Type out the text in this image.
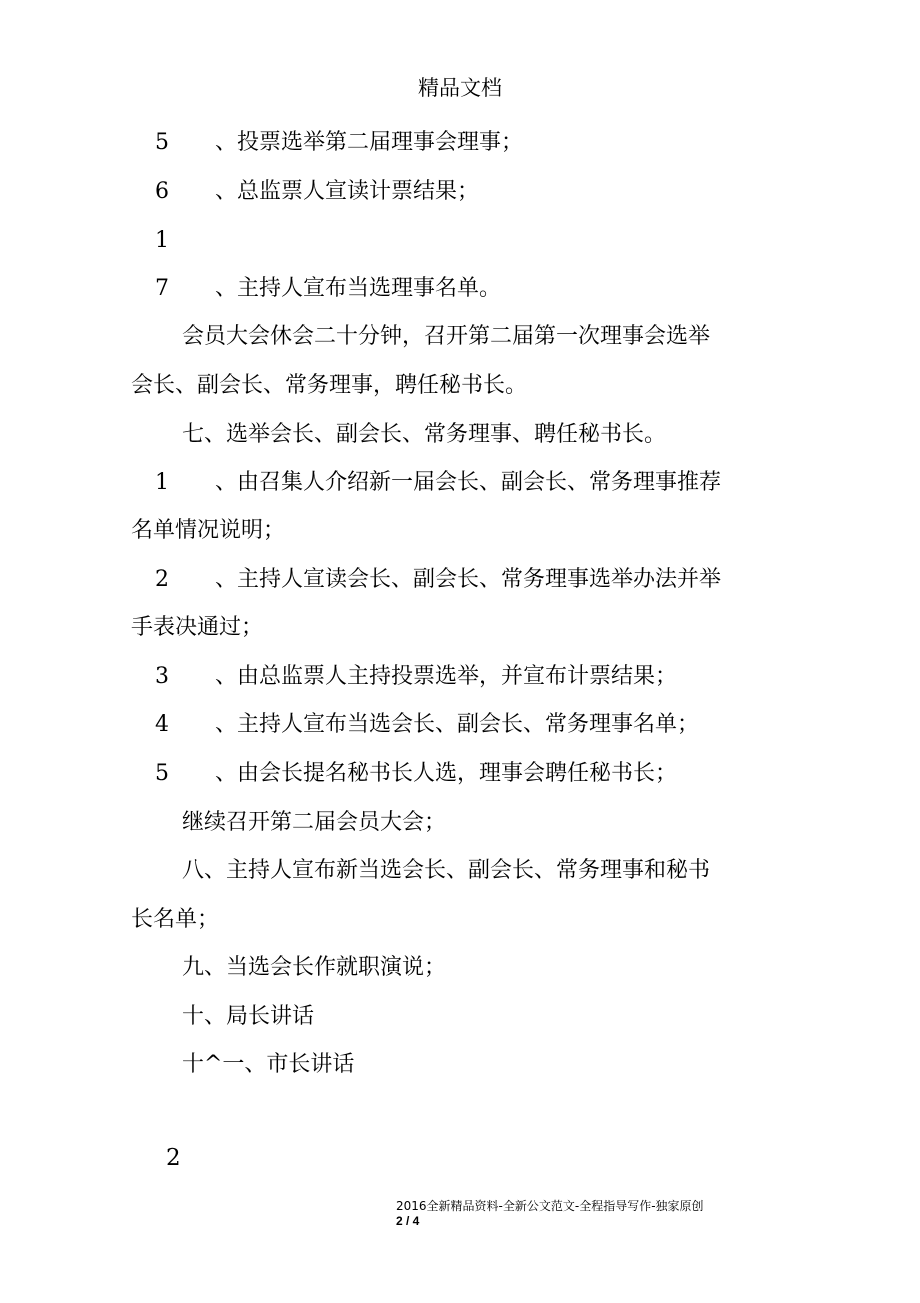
精品文档
5 、投票选举第二届理事会理事；
6 、总监票人宣读计票结果；
1
7 、主持人宣布当选理事名单。
会员大会休会二十分钟，召开第二届第一次理事会选举
会长、副会长、常务理事，聘任秘书长。
七、选举会长、副会长、常务理事、聘任秘书长。
1 、由召集人介绍新一届会长、副会长、常务理事推荐
名单情况说明；
2 、主持人宣读会长、副会长、常务理事选举办法并举
手表决通过；
3 、由总监票人主持投票选举，并宣布计票结果；
4 、主持人宣布当选会长、副会长、常务理事名单；
5 、由会长提名秘书长人选，理事会聘任秘书长；
继续召开第二届会员大会；
八、主持人宣布新当选会长、副会长、常务理事和秘书
长名单；
九、当选会长作就职演说；
十、局长讲话
十^一、市长讲话
2
2016全新精品资料-全新公文范文-全程指导写作-独家原创
2 / 4
